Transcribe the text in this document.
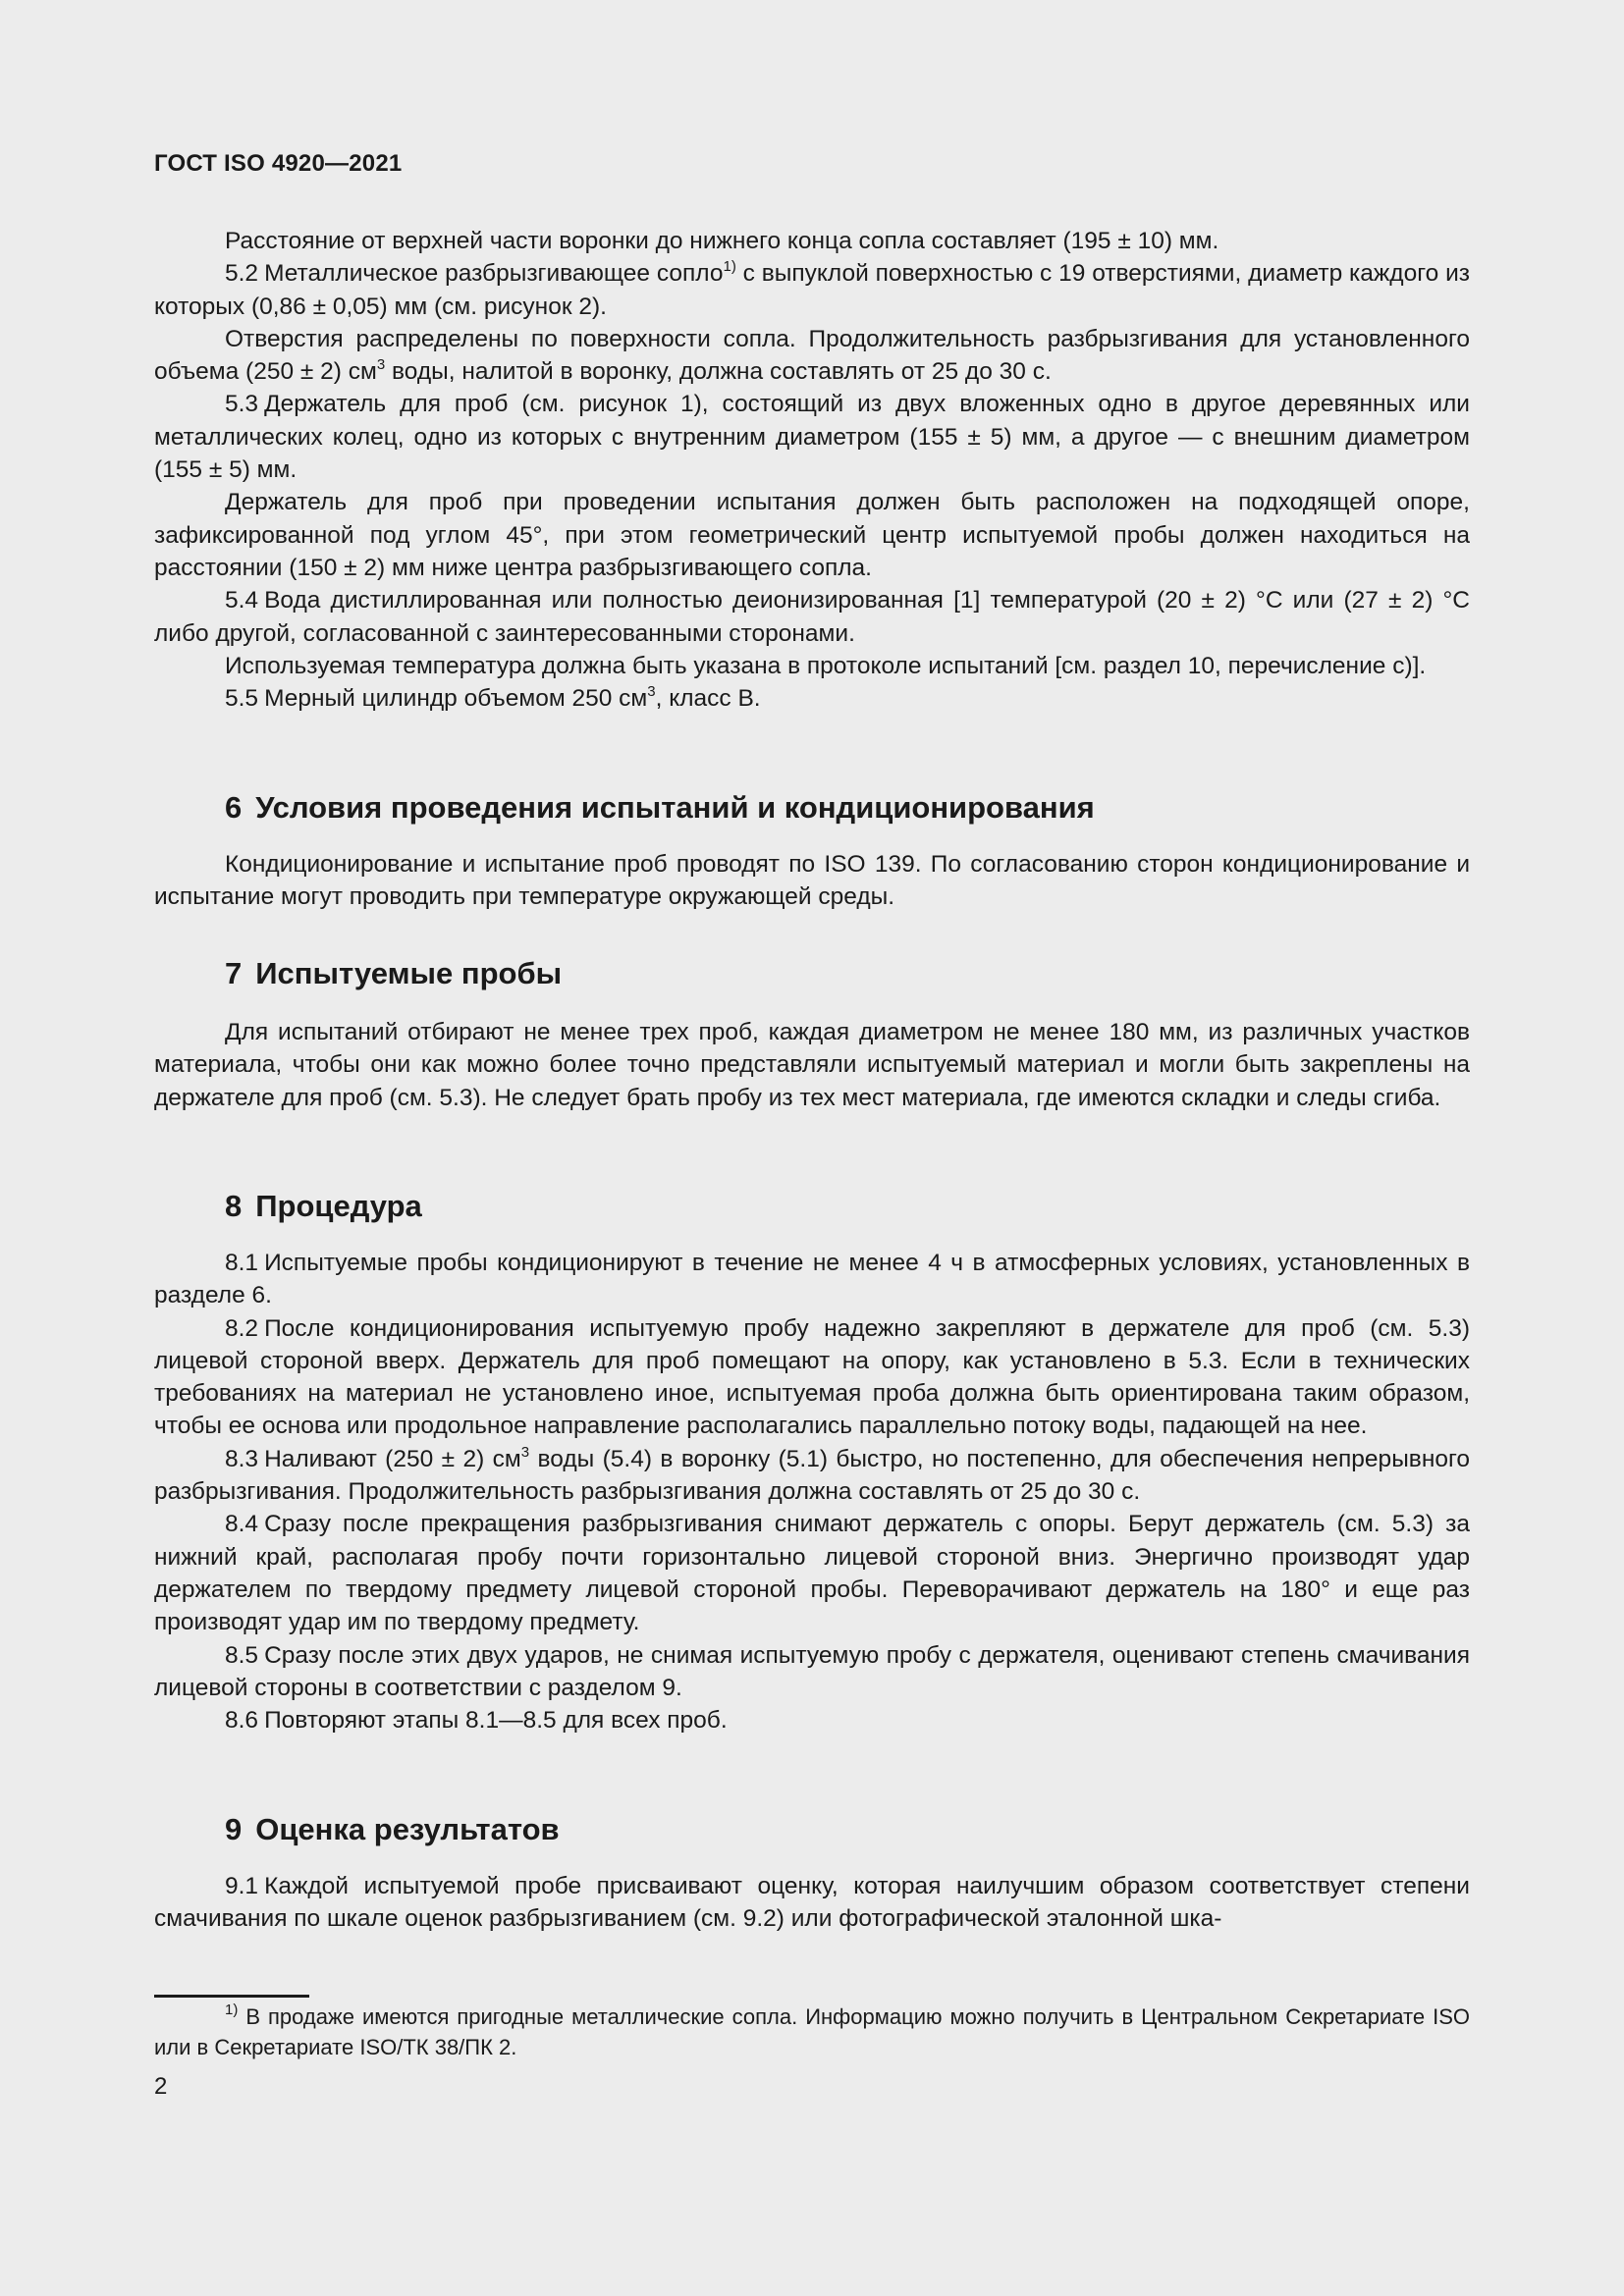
ГОСТ ISO 4920—2021

Расстояние от верхней части воронки до нижнего конца сопла составляет (195 ± 10) мм.

5.2 Металлическое разбрызгивающее сопло$^{1)}$ с выпуклой поверхностью с 19 отверстиями, диаметр каждого из которых (0,86 ± 0,05) мм (см. рисунок 2).

Отверстия распределены по поверхности сопла. Продолжительность разбрызгивания для установленного объема (250 ± 2) $см^3$ воды, налитой в воронку, должна составлять от 25 до 30 с.

5.3 Держатель для проб (см. рисунок 1), состоящий из двух вложенных одно в другое деревянных или металлических колец, одно из которых с внутренним диаметром (155 ± 5) мм, а другое — с внешним диаметром (155 ± 5) мм.

Держатель для проб при проведении испытания должен быть расположен на подходящей опоре, зафиксированной под углом 45°, при этом геометрический центр испытуемой пробы должен находиться на расстоянии (150 ± 2) мм ниже центра разбрызгивающего сопла.

5.4 Вода дистиллированная или полностью деионизированная [1] температурой (20 ± 2) °С или (27 ± 2) °С либо другой, согласованной с заинтересованными сторонами.

Используемая температура должна быть указана в протоколе испытаний [см. раздел 10, перечисление с)].

5.5 Мерный цилиндр объемом 250 $см^3$, класс В.

6 Условия проведения испытаний и кондиционирования

Кондиционирование и испытание проб проводят по ISO 139. По согласованию сторон кондиционирование и испытание могут проводить при температуре окружающей среды.

7 Испытуемые пробы

Для испытаний отбирают не менее трех проб, каждая диаметром не менее 180 мм, из различных участков материала, чтобы они как можно более точно представляли испытуемый материал и могли быть закреплены на держателе для проб (см. 5.3). Не следует брать пробу из тех мест материала, где имеются складки и следы сгиба.

8 Процедура

8.1 Испытуемые пробы кондиционируют в течение не менее 4 ч в атмосферных условиях, установленных в разделе 6.

8.2 После кондиционирования испытуемую пробу надежно закрепляют в держателе для проб (см. 5.3) лицевой стороной вверх. Держатель для проб помещают на опору, как установлено в 5.3. Если в технических требованиях на материал не установлено иное, испытуемая проба должна быть ориентирована таким образом, чтобы ее основа или продольное направление располагались параллельно потоку воды, падающей на нее.

8.3 Наливают (250 ± 2) $см^3$ воды (5.4) в воронку (5.1) быстро, но постепенно, для обеспечения непрерывного разбрызгивания. Продолжительность разбрызгивания должна составлять от 25 до 30 с.

8.4 Сразу после прекращения разбрызгивания снимают держатель с опоры. Берут держатель (см. 5.3) за нижний край, располагая пробу почти горизонтально лицевой стороной вниз. Энергично производят удар держателем по твердому предмету лицевой стороной пробы. Переворачивают держатель на 180° и еще раз производят удар им по твердому предмету.

8.5 Сразу после этих двух ударов, не снимая испытуемую пробу с держателя, оценивают степень смачивания лицевой стороны в соответствии с разделом 9.

8.6 Повторяют этапы 8.1—8.5 для всех проб.

9 Оценка результатов

9.1 Каждой испытуемой пробе присваивают оценку, которая наилучшим образом соответствует степени смачивания по шкале оценок разбрызгиванием (см. 9.2) или фотографической эталонной шка-

$^{1)}$ В продаже имеются пригодные металлические сопла. Информацию можно получить в Центральном Секретариате ISO или в Секретариате ISO/ТК 38/ПК 2.

2
